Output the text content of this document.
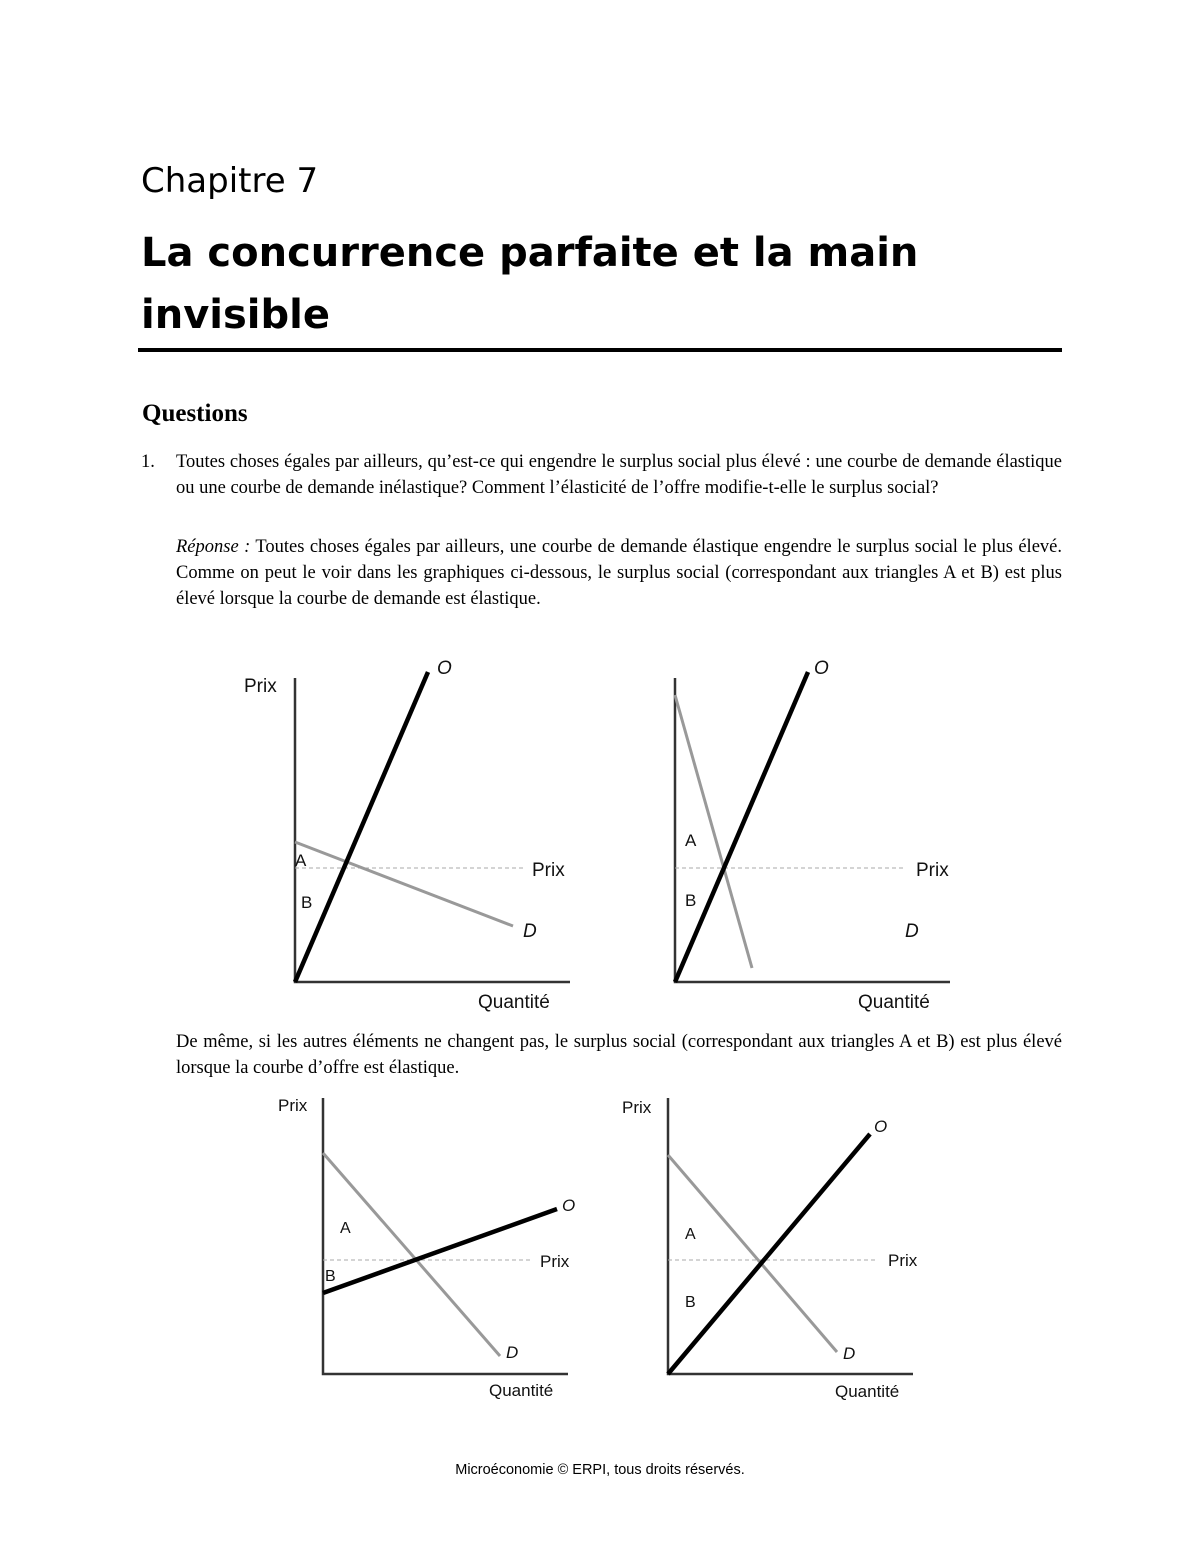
Chapitre 7
La concurrence parfaite et la main invisible
Questions
1. Toutes choses égales par ailleurs, qu’est-ce qui engendre le surplus social plus élevé : une courbe de demande élastique ou une courbe de demande inélastique? Comment l’élasticité de l’offre modifie-t-elle le surplus social?
Réponse : Toutes choses égales par ailleurs, une courbe de demande élastique engendre le surplus social le plus élevé. Comme on peut le voir dans les graphiques ci-dessous, le surplus social (correspondant aux triangles A et B) est plus élevé lorsque la courbe de demande est élastique.
Prix
Quantité
O
D
Prix
A
B
Quantité
O
D
Prix
A
B
De même, si les autres éléments ne changent pas, le surplus social (correspondant aux triangles A et B) est plus élevé lorsque la courbe d’offre est élastique.
Prix
Quantité
O
D
Prix
A
B
Prix
Quantité
O
D
Prix
A
B
Microéconomie © ERPI, tous droits réservés.
